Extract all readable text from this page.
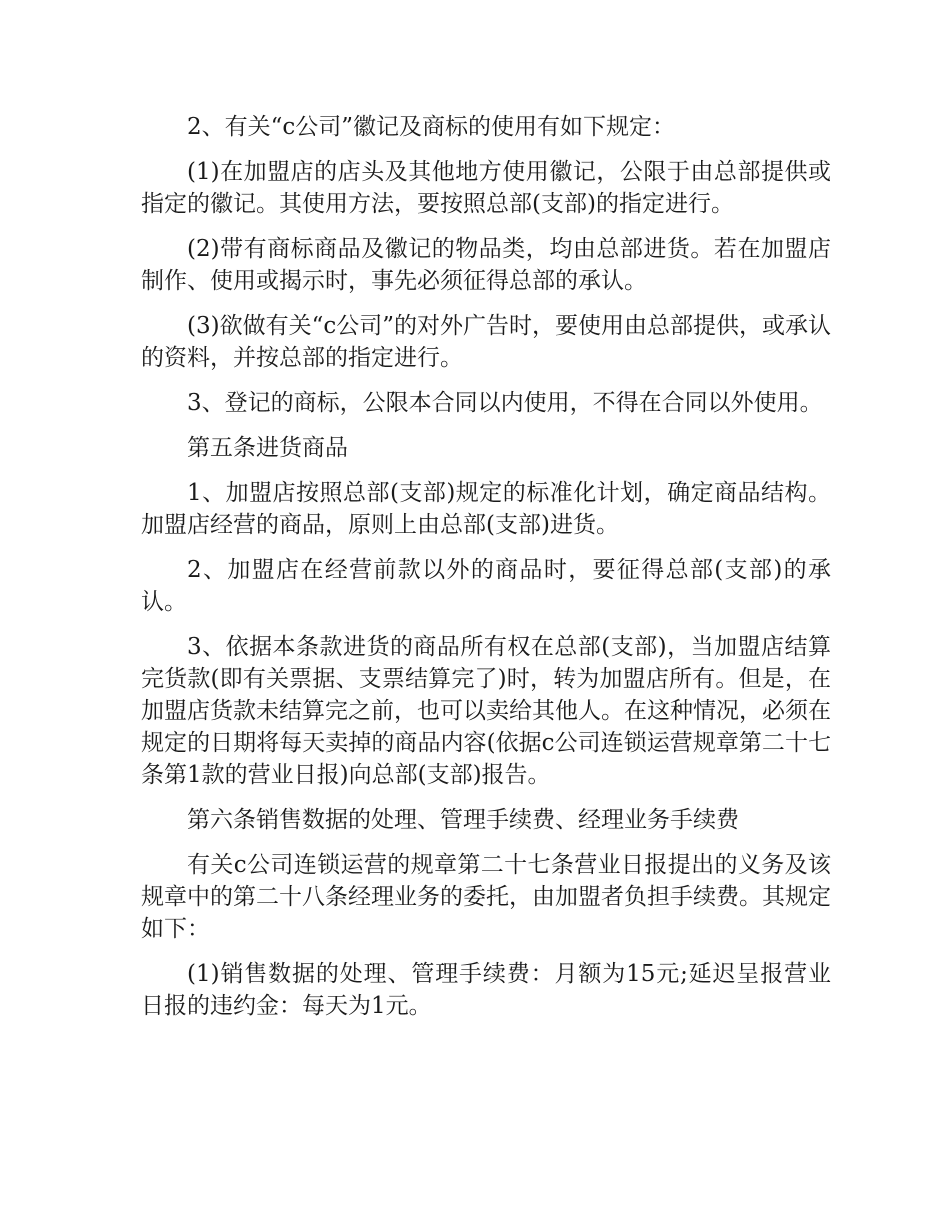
2、有关“c公司”徽记及商标的使用有如下规定：

(1)在加盟店的店头及其他地方使用徽记，公限于由总部提供或指定的徽记。其使用方法，要按照总部(支部)的指定进行。

(2)带有商标商品及徽记的物品类，均由总部进货。若在加盟店制作、使用或揭示时，事先必须征得总部的承认。

(3)欲做有关“c公司”的对外广告时，要使用由总部提供，或承认的资料，并按总部的指定进行。

3、登记的商标，公限本合同以内使用，不得在合同以外使用。

第五条进货商品

1、加盟店按照总部(支部)规定的标准化计划，确定商品结构。加盟店经营的商品，原则上由总部(支部)进货。

2、加盟店在经营前款以外的商品时，要征得总部(支部)的承认。

3、依据本条款进货的商品所有权在总部(支部)，当加盟店结算完货款(即有关票据、支票结算完了)时，转为加盟店所有。但是，在加盟店货款未结算完之前，也可以卖给其他人。在这种情况，必须在规定的日期将每天卖掉的商品内容(依据c公司连锁运营规章第二十七条第1款的营业日报)向总部(支部)报告。

第六条销售数据的处理、管理手续费、经理业务手续费

有关c公司连锁运营的规章第二十七条营业日报提出的义务及该规章中的第二十八条经理业务的委托，由加盟者负担手续费。其规定如下：

(1)销售数据的处理、管理手续费：月额为15元;延迟呈报营业日报的违约金：每天为1元。
